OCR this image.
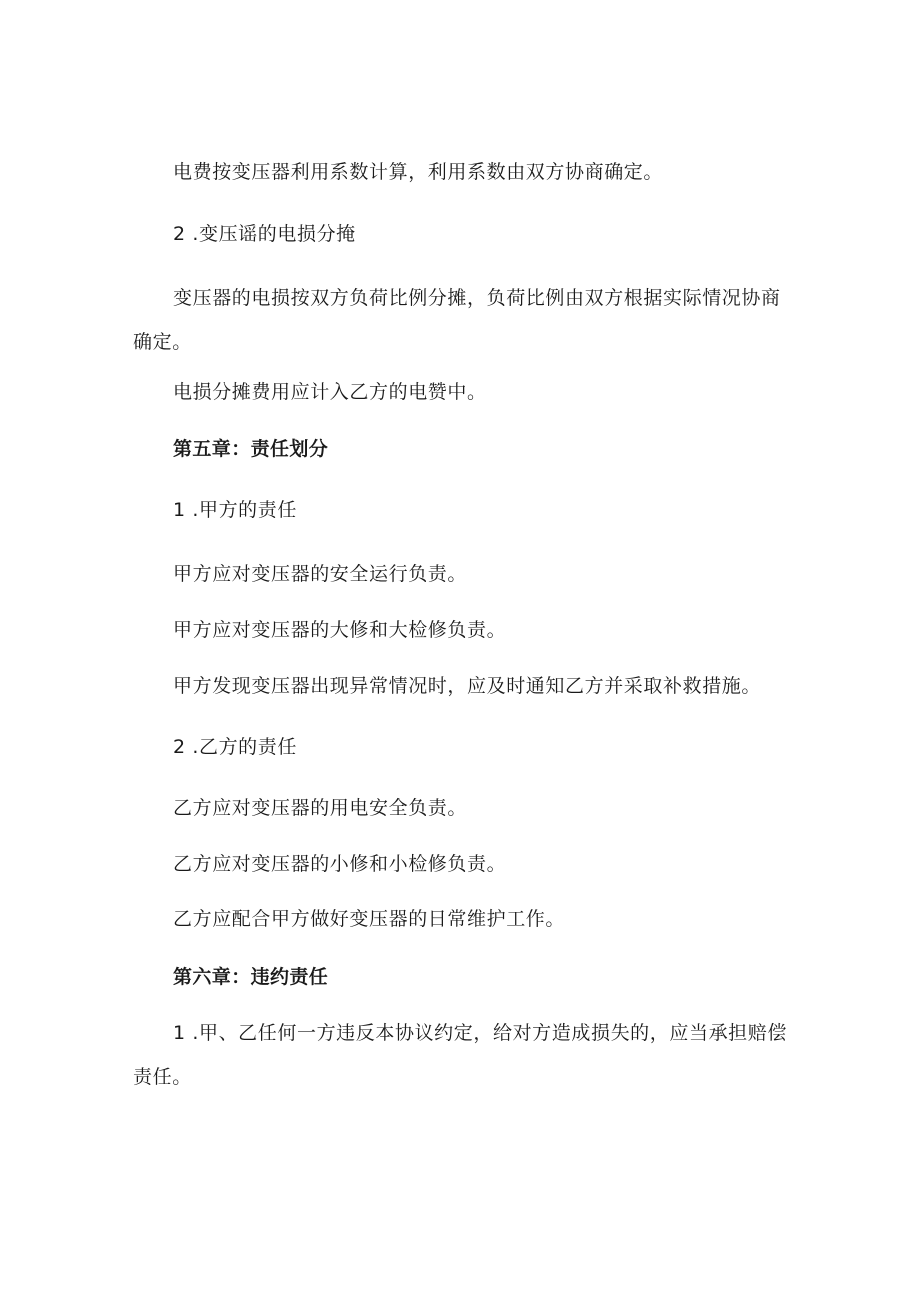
电费按变压器利用系数计算，利用系数由双方协商确定。
2 .变压谣的电损分掩
变压器的电损按双方负荷比例分摊，负荷比例由双方根据实际情况协商确定。
电损分摊费用应计入乙方的电赞中。
第五章：责任划分
1 .甲方的责任
甲方应对变压器的安全运行负责。
甲方应对变压器的大修和大检修负责。
甲方发现变压器出现异常情况时，应及时通知乙方并采取补救措施。
2 .乙方的责任
乙方应对变压器的用电安全负责。
乙方应对变压器的小修和小检修负责。
乙方应配合甲方做好变压器的日常维护工作。
第六章：违约责任
1 .甲、乙任何一方违反本协议约定，给对方造成损失的，应当承担赔偿责任。
